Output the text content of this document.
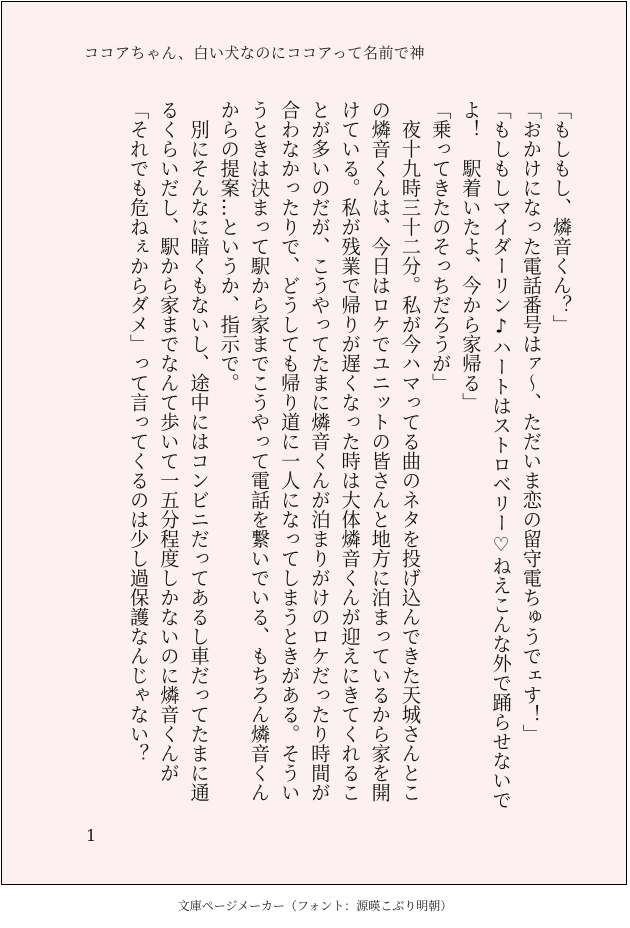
ココアちゃん、白い犬なのにココアって名前で神

「もしもし、燐音くん？」

「おかけになった電話番号はァ〜、ただいま恋の留守電ちゅうでェす！」

「もしもしマイダーリン♪ハートはストロベリー♡ねえこんな外で踊らせないで

よ！　駅着いたよ、今から家帰る」

「乗ってきたのそっちだろうが」

　夜十九時三十二分。私が今ハマってる曲のネタを投げ込んできた天城さんとこ

の燐音くんは、今日はロケでユニットの皆さんと地方に泊まっているから家を開

けている。私が残業で帰りが遅くなった時は大体燐音くんが迎えにきてくれるこ

とが多いのだが、こうやってたまに燐音くんが泊まりがけのロケだったり時間が

合わなかったりで、どうしても帰り道に一人になってしまうときがある。そうい

うときは決まって駅から家までこうやって電話を繋いでいる、もちろん燐音くん

からの提案…というか、指示で。

　別にそんなに暗くもないし、途中にはコンビニだってあるし車だってたまに通

るくらいだし、駅から家までなんて歩いて一五分程度しかないのに燐音くんが

「それでも危ねぇからダメ」って言ってくるのは少し過保護なんじゃない？

1
文庫ページメーカー（フォント：源暎こぶり明朝）
